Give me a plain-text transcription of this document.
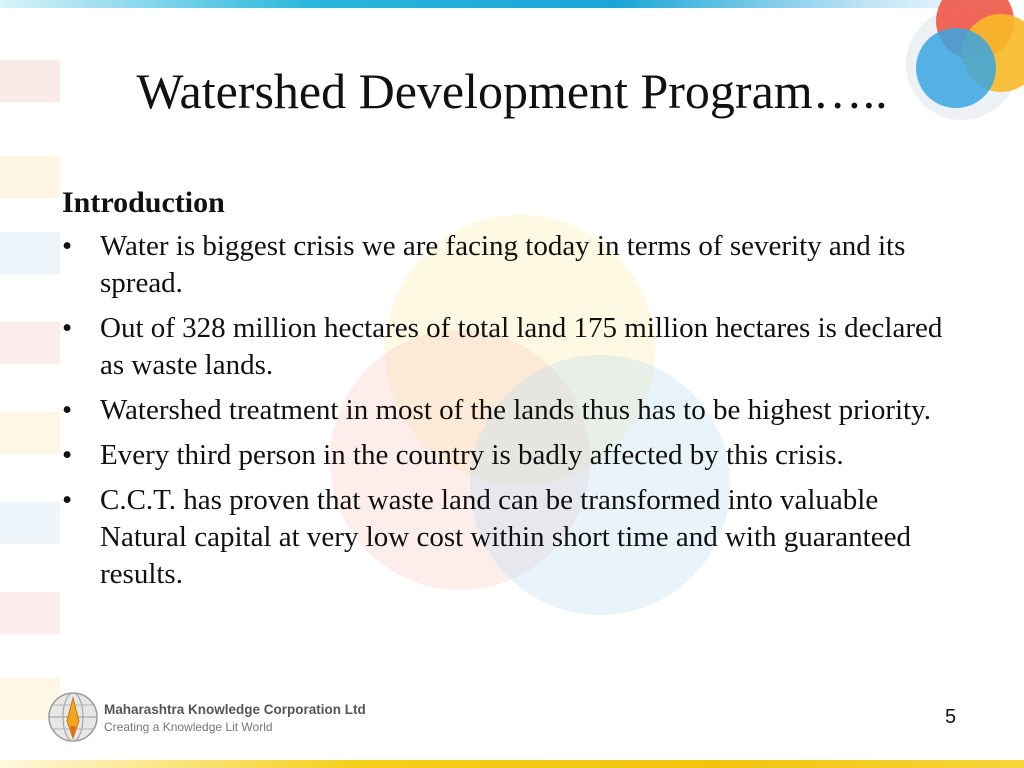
Watershed Development Program…..
Introduction
• Water is biggest crisis we are facing today in terms of severity and its spread.
• Out of 328 million hectares of total land 175 million hectares is declared as waste lands.
• Watershed treatment in most of the lands thus has to be highest priority.
• Every third person in the country is badly affected by this crisis.
• C.C.T. has proven that waste land can be transformed into valuable Natural capital at very low cost within short time and with guaranteed results.
Maharashtra Knowledge Corporation Ltd
Creating a Knowledge Lit World	5
